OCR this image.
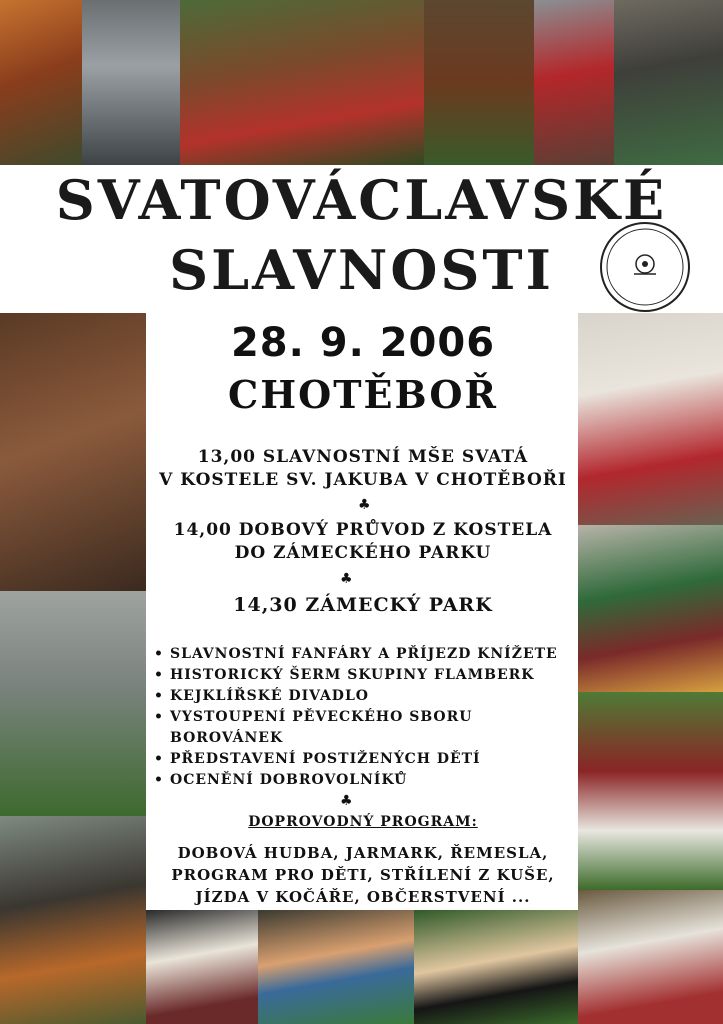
SVATOVÁCLAVSKÉ
SLAVNOSTI
28. 9. 2006
CHOTĚBOŘ
13,00 SLAVNOSTNÍ MŠE SVATÁ
V KOSTELE SV. JAKUBA V CHOTĚBOŘI
♣
14,00 DOBOVÝ PRŮVOD Z KOSTELA
DO ZÁMECKÉHO PARKU
♣
14,30 ZÁMECKÝ PARK
• SLAVNOSTNÍ FANFÁRY A PŘÍJEZD KNÍŽETE
• HISTORICKÝ ŠERM SKUPINY FLAMBERK
• KEJKLÍŘSKÉ DIVADLO
• VYSTOUPENÍ PĚVECKÉHO SBORU BOROVÁNEK
• PŘEDSTAVENÍ POSTIŽENÝCH DĚTÍ
• OCENĚNÍ DOBROVOLNÍKŮ
♣
DOPROVODNÝ PROGRAM:
DOBOVÁ HUDBA, JARMARK, ŘEMESLA,
PROGRAM PRO DĚTI, STŘÍLENÍ Z KUŠE,
JÍZDA V KOČÁŘE, OBČERSTVENÍ ...
